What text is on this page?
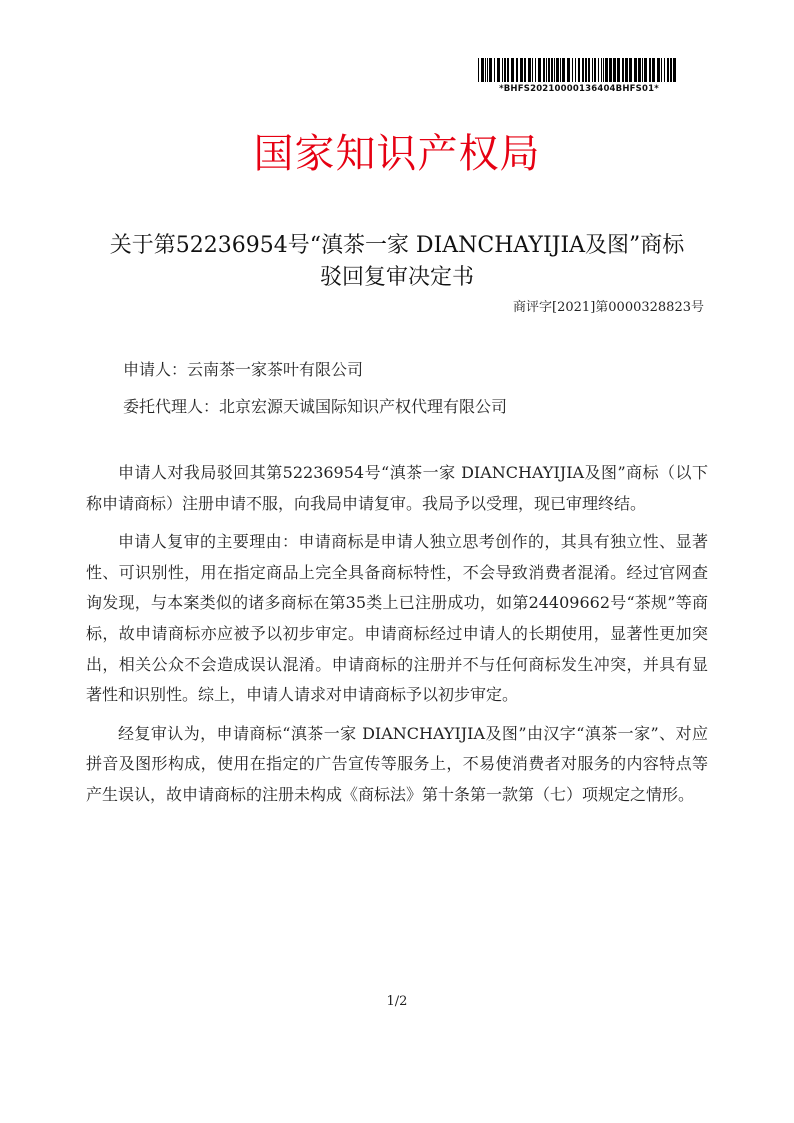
*BHFS20210000136404BHFS01*
国家知识产权局
关于第52236954号“滇茶一家 DIANCHAYIJIA及图”商标
驳回复审决定书
商评字[2021]第0000328823号
申请人：云南茶一家茶叶有限公司
委托代理人：北京宏源天诚国际知识产权代理有限公司

申请人对我局驳回其第52236954号“滇茶一家 DIANCHAYIJIA及图”商标（以下称申请商标）注册申请不服，向我局申请复审。我局予以受理，现已审理终结。

申请人复审的主要理由：申请商标是申请人独立思考创作的，其具有独立性、显著性、可识别性，用在指定商品上完全具备商标特性，不会导致消费者混淆。经过官网查询发现，与本案类似的诸多商标在第35类上已注册成功，如第24409662号“茶规”等商标，故申请商标亦应被予以初步审定。申请商标经过申请人的长期使用，显著性更加突出，相关公众不会造成误认混淆。申请商标的注册并不与任何商标发生冲突，并具有显著性和识别性。综上，申请人请求对申请商标予以初步审定。

经复审认为，申请商标“滇茶一家 DIANCHAYIJIA及图”由汉字“滇茶一家”、对应拼音及图形构成，使用在指定的广告宣传等服务上，不易使消费者对服务的内容特点等产生误认，故申请商标的注册未构成《商标法》第十条第一款第（七）项规定之情形。

1/2
